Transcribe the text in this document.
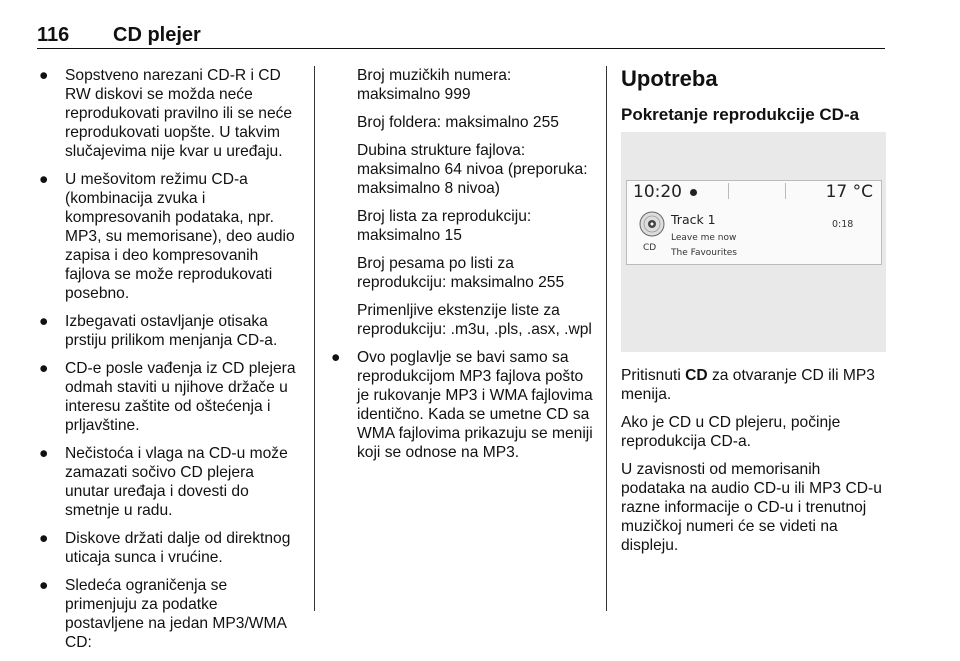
116 CD plejer
● Sopstveno narezani CD-R i CD RW diskovi se možda neće reprodukovati pravilno ili se neće reprodukovati uopšte. U takvim slučajevima nije kvar u uređaju.
● U mešovitom režimu CD-a (kombinacija zvuka i kompresovanih podataka, npr. MP3, su memorisane), deo audio zapisa i deo kompresovanih fajlova se može reprodukovati posebno.
● Izbegavati ostavljanje otisaka prstiju prilikom menjanja CD-a.
● CD-e posle vađenja iz CD plejera odmah staviti u njihove držače u interesu zaštite od oštećenja i prljavštine.
● Nečistoća i vlaga na CD-u može zamazati sočivo CD plejera unutar uređaja i dovesti do smetnje u radu.
● Diskove držati dalje od direktnog uticaja sunca i vrućine.
● Sledeća ograničenja se primenjuju za podatke postavljene na jedan MP3/WMA CD:

Broj muzičkih numera: maksimalno 999

Broj foldera: maksimalno 255

Dubina strukture fajlova: maksimalno 64 nivoa (preporuka: maksimalno 8 nivoa)

Broj lista za reprodukciju: maksimalno 15

Broj pesama po listi za reprodukciju: maksimalno 255

Primenljive ekstenzije liste za reprodukciju: .m3u, .pls, .asx, .wpl

● Ovo poglavlje se bavi samo sa reprodukcijom MP3 fajlova pošto je rukovanje MP3 i WMA fajlovima identično. Kada se umetne CD sa WMA fajlovima prikazuju se meniji koji se odnose na MP3.
Upotreba
Pokretanje reprodukcije CD-a
10:20	17 °C
CD
Track 1
Leave me now
The Favourites
0:18

Pritisnuti CD za otvaranje CD ili MP3 menija.

Ako je CD u CD plejeru, počinje reprodukcija CD-a.

U zavisnosti od memorisanih podataka na audio CD-u ili MP3 CD-u razne informacije o CD-u i trenutnoj muzičkoj numeri će se videti na displeju.
